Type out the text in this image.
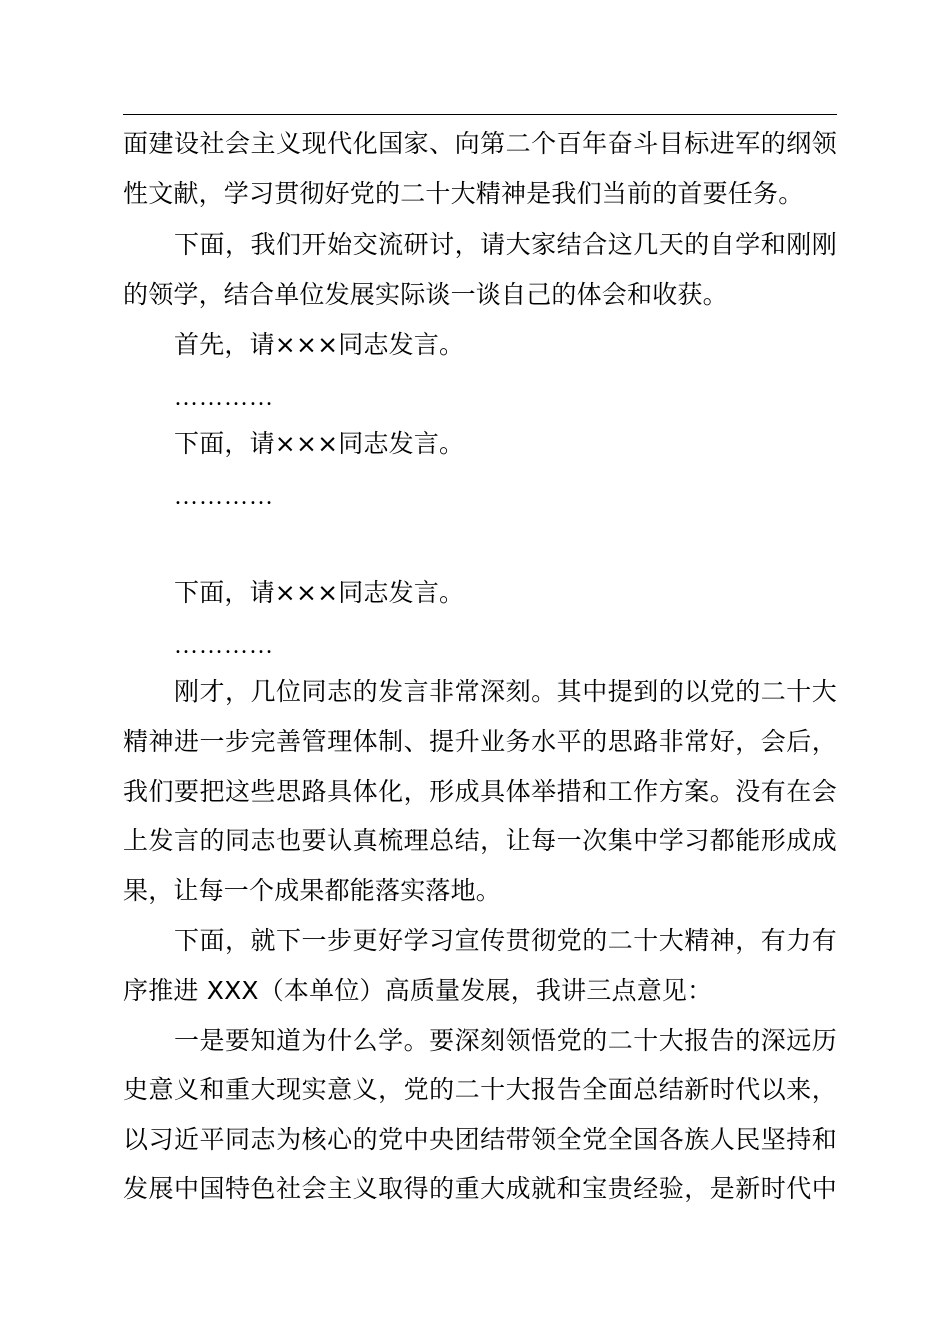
面建设社会主义现代化国家、向第二个百年奋斗目标进军的纲领
性文献，学习贯彻好党的二十大精神是我们当前的首要任务。
下面，我们开始交流研讨，请大家结合这几天的自学和刚刚
的领学，结合单位发展实际谈一谈自己的体会和收获。
首先，请×××同志发言。
…………
下面，请×××同志发言。
…………
下面，请×××同志发言。
…………
刚才，几位同志的发言非常深刻。其中提到的以党的二十大
精神进一步完善管理体制、提升业务水平的思路非常好，会后，
我们要把这些思路具体化，形成具体举措和工作方案。没有在会
上发言的同志也要认真梳理总结，让每一次集中学习都能形成成
果，让每一个成果都能落实落地。
下面，就下一步更好学习宣传贯彻党的二十大精神，有力有
序推进 XXX（本单位）高质量发展，我讲三点意见：
一是要知道为什么学。要深刻领悟党的二十大报告的深远历
史意义和重大现实意义，党的二十大报告全面总结新时代以来，
以习近平同志为核心的党中央团结带领全党全国各族人民坚持和
发展中国特色社会主义取得的重大成就和宝贵经验，是新时代中
